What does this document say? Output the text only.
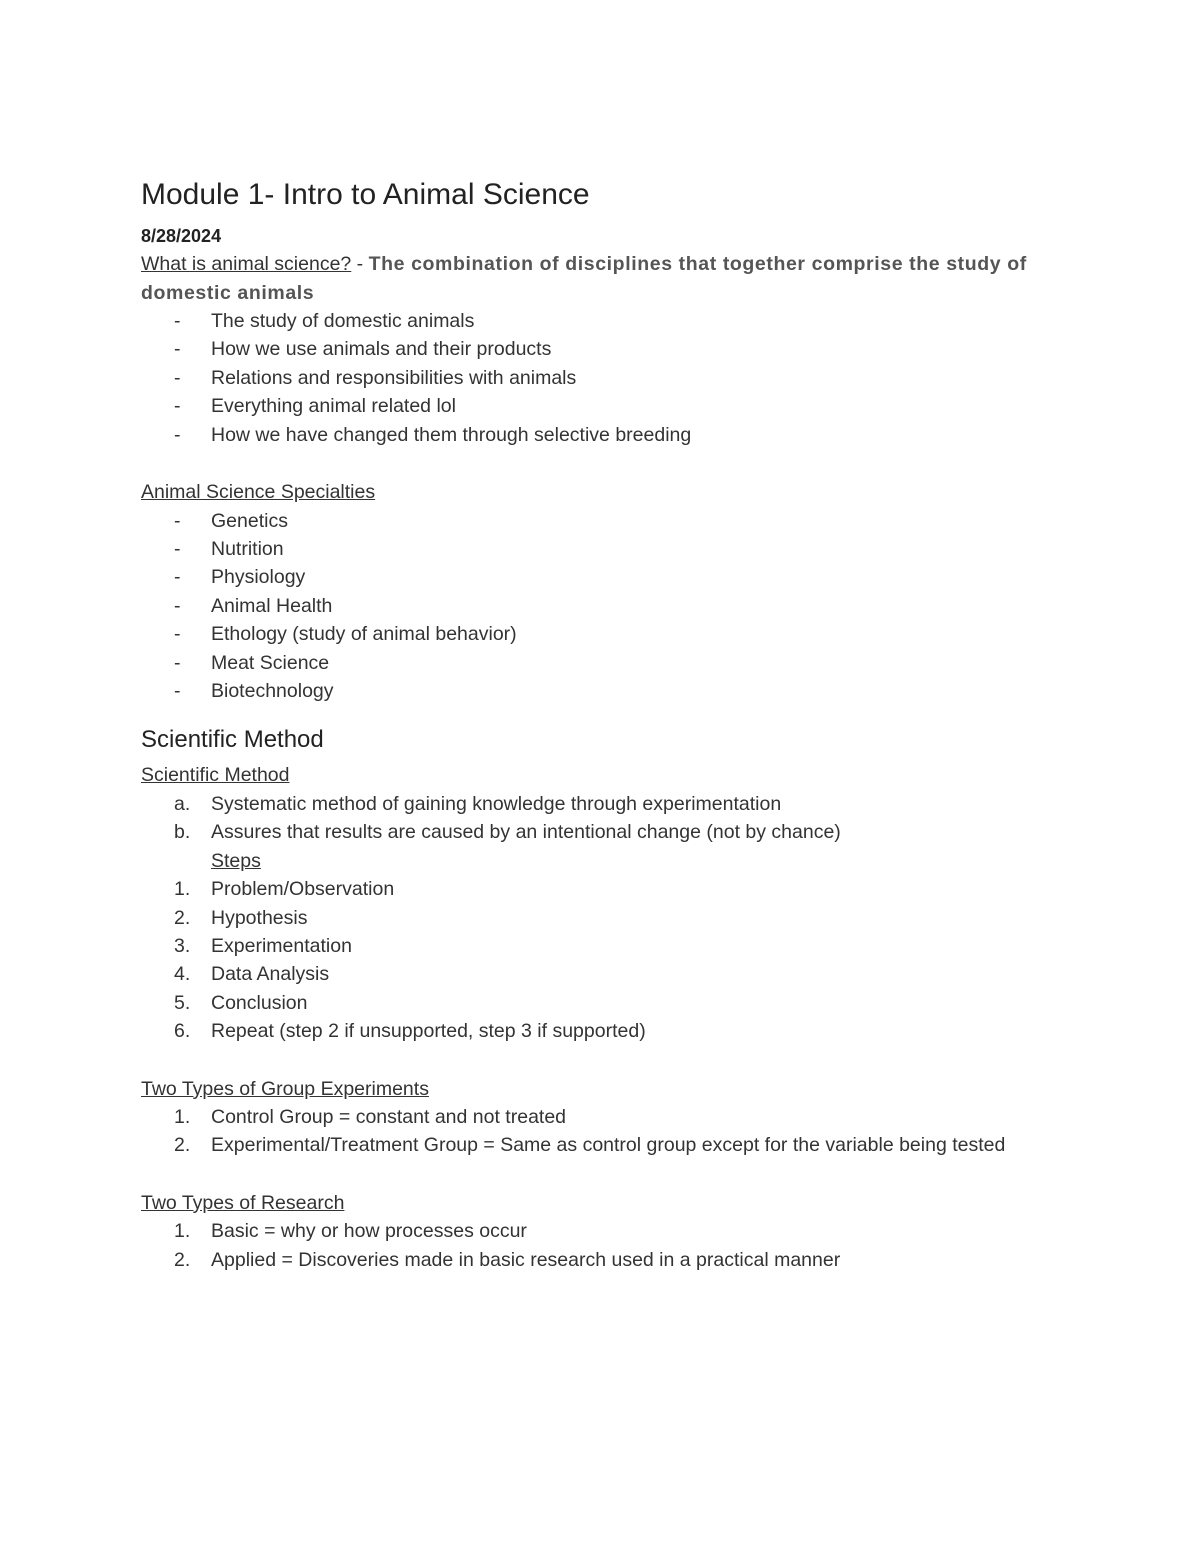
Module 1- Intro to Animal Science
8/28/2024
What is animal science? - The combination of disciplines that together comprise the study of domestic animals
-	The study of domestic animals
-	How we use animals and their products
-	Relations and responsibilities with animals
-	Everything animal related lol
-	How we have changed them through selective breeding
Animal Science Specialties
-	Genetics
-	Nutrition
-	Physiology
-	Animal Health
-	Ethology (study of animal behavior)
-	Meat Science
-	Biotechnology
Scientific Method
Scientific Method
a.	Systematic method of gaining knowledge through experimentation
b.	Assures that results are caused by an intentional change (not by chance)
Steps
1.	Problem/Observation
2.	Hypothesis
3.	Experimentation
4.	Data Analysis
5.	Conclusion
6.	Repeat (step 2 if unsupported, step 3 if supported)
Two Types of Group Experiments
1.	Control Group = constant and not treated
2.	Experimental/Treatment Group = Same as control group except for the variable being tested
Two Types of Research
1.	Basic = why or how processes occur
2.	Applied = Discoveries made in basic research used in a practical manner
